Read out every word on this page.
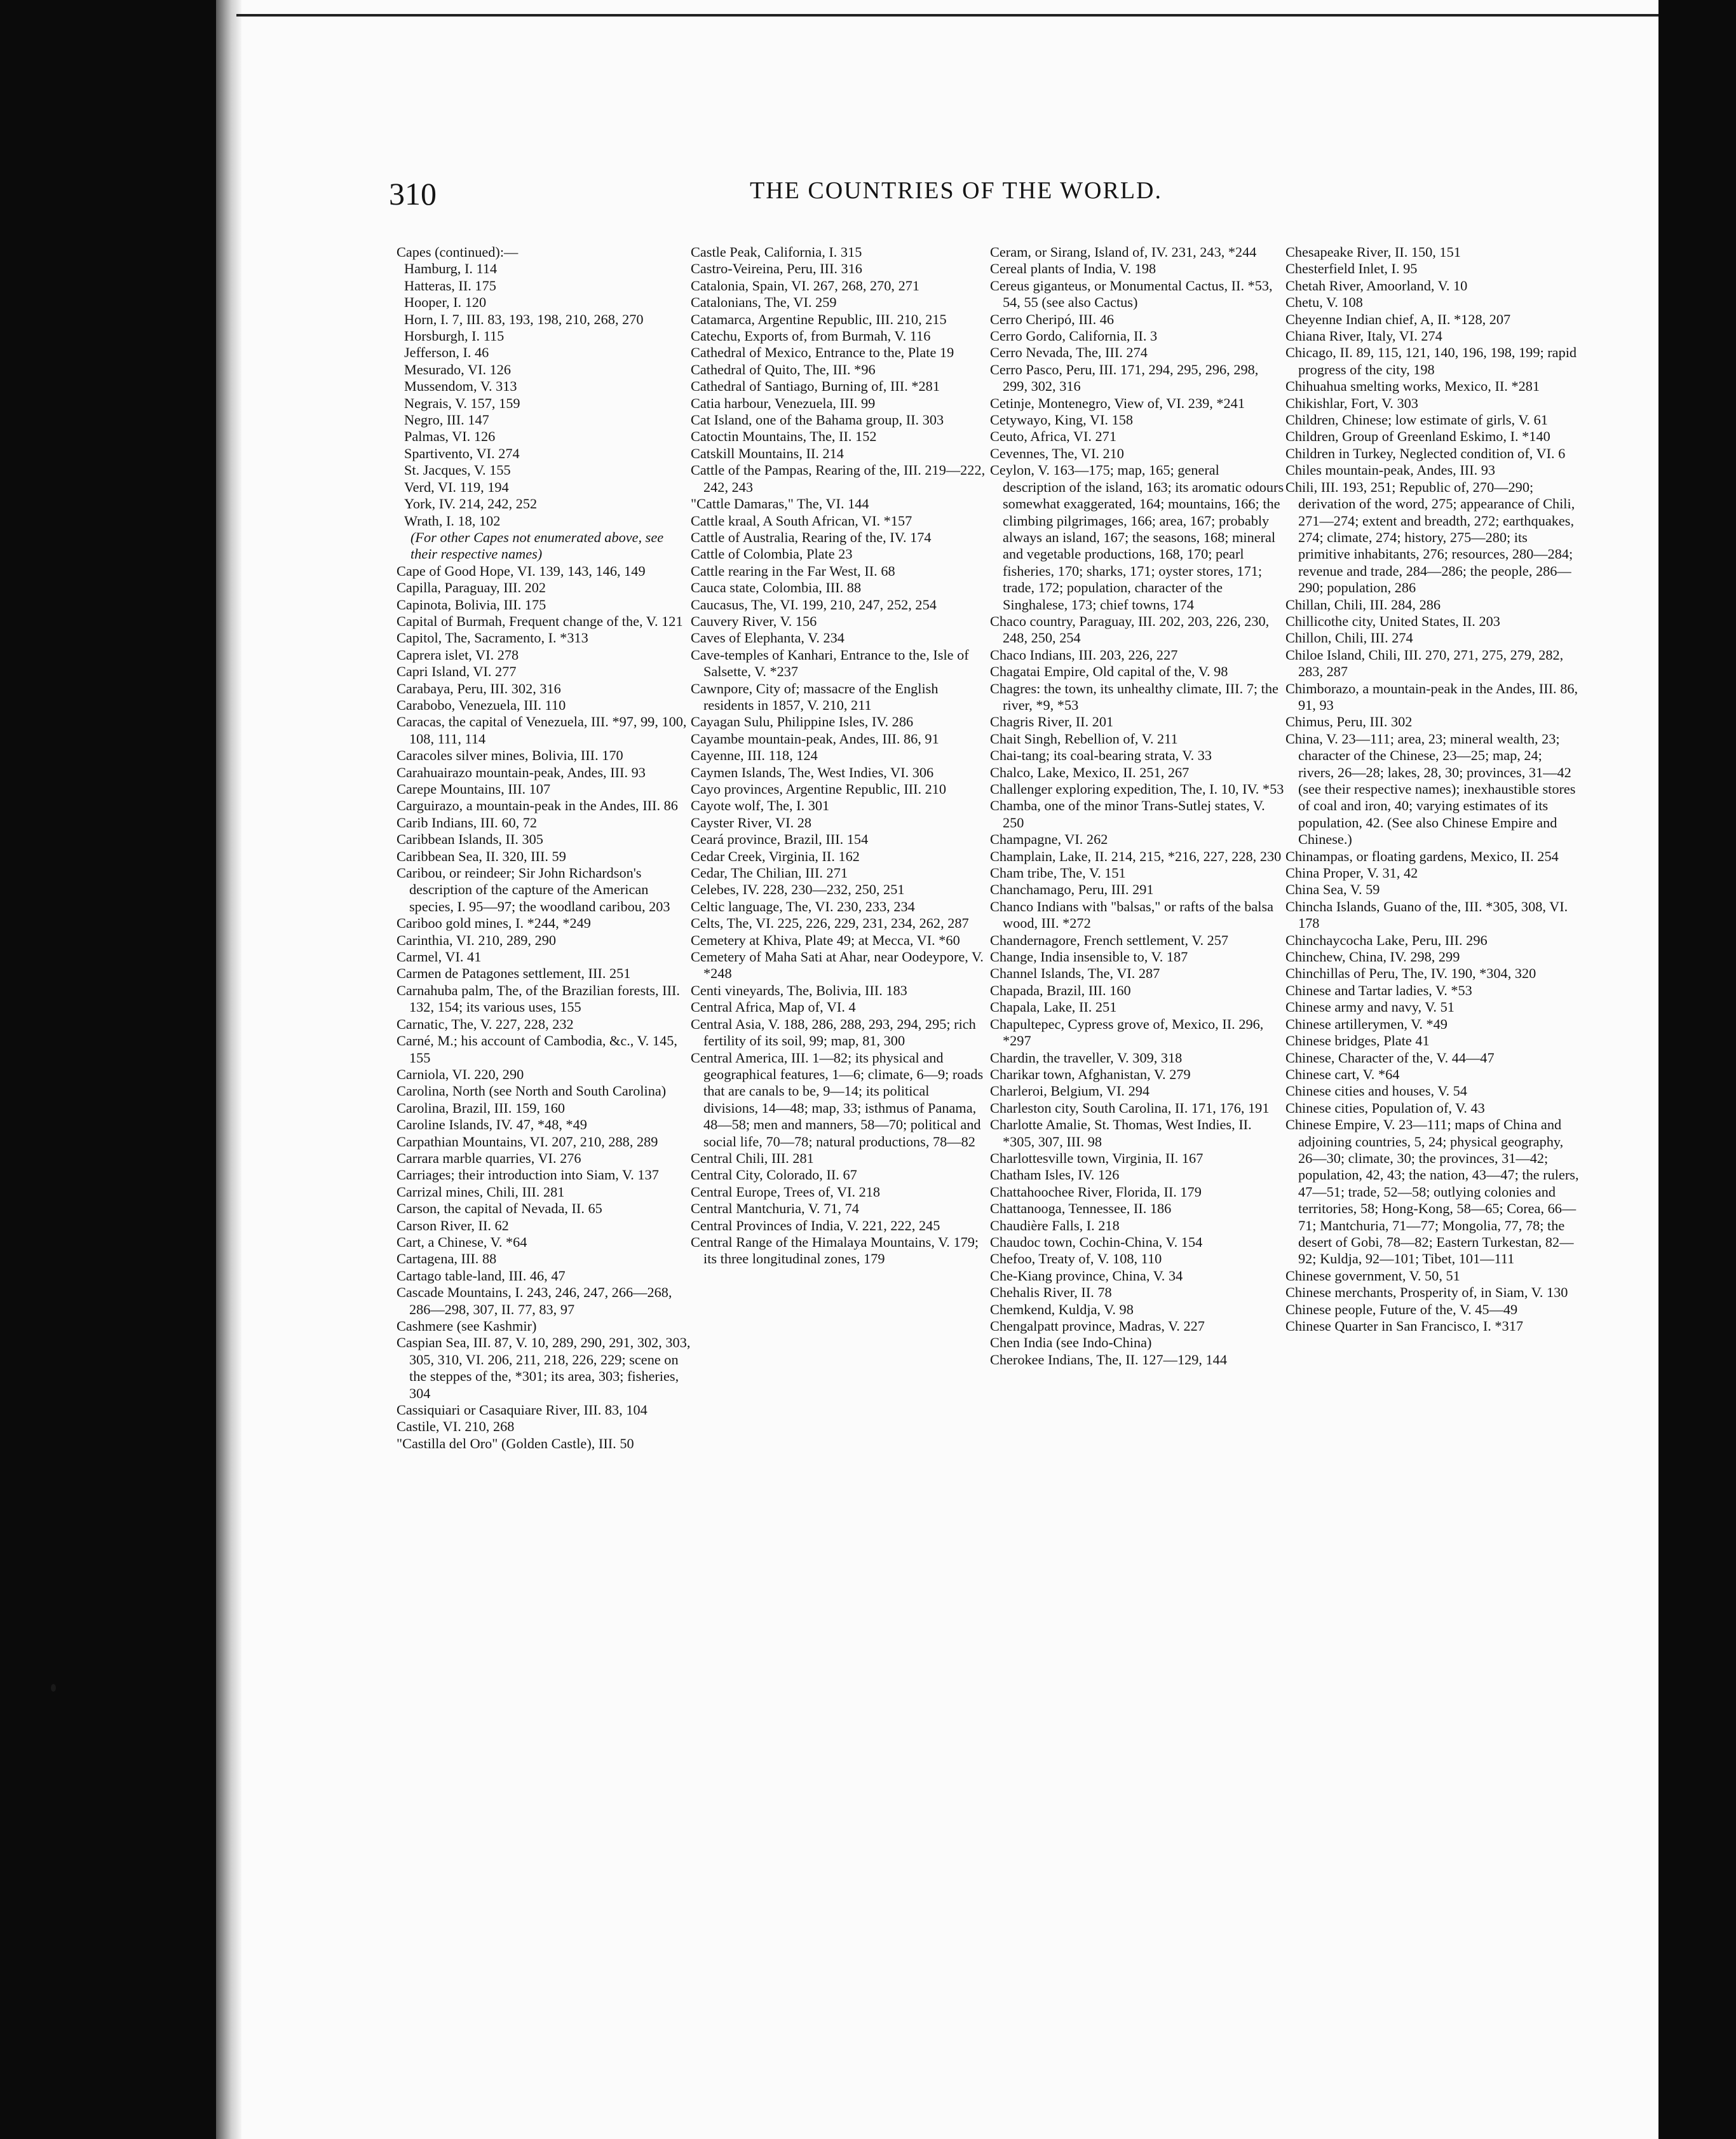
310	THE COUNTRIES OF THE WORLD.

Capes (continued):—

Hamburg, I. 114

Hatteras, II. 175

Hooper, I. 120

Horn, I. 7, III. 83, 193, 198, 210, 268, 270

Horsburgh, I. 115

Jefferson, I. 46

Mesurado, VI. 126

Mussendom, V. 313

Negrais, V. 157, 159

Negro, III. 147

Palmas, VI. 126

Spartivento, VI. 274

St. Jacques, V. 155

Verd, VI. 119, 194

York, IV. 214, 242, 252

Wrath, I. 18, 102

(For other Capes not enumerated above, see their respective names)

Cape of Good Hope, VI. 139, 143, 146, 149

Capilla, Paraguay, III. 202

Capinota, Bolivia, III. 175

Capital of Burmah, Frequent change of the, V. 121

Capitol, The, Sacramento, I. *313

Caprera islet, VI. 278

Capri Island, VI. 277

Carabaya, Peru, III. 302, 316

Carabobo, Venezuela, III. 110

Caracas, the capital of Venezuela, III. *97, 99, 100, 108, 111, 114

Caracoles silver mines, Bolivia, III. 170

Carahuairazo mountain-peak, Andes, III. 93

Carepe Mountains, III. 107

Carguirazo, a mountain-peak in the Andes, III. 86

Carib Indians, III. 60, 72

Caribbean Islands, II. 305

Caribbean Sea, II. 320, III. 59

Caribou, or reindeer; Sir John Richardson's description of the capture of the American species, I. 95—97; the woodland caribou, 203

Cariboo gold mines, I. *244, *249

Carinthia, VI. 210, 289, 290

Carmel, VI. 41

Carmen de Patagones settlement, III. 251

Carnahuba palm, The, of the Brazilian forests, III. 132, 154; its various uses, 155

Carnatic, The, V. 227, 228, 232

Carné, M.; his account of Cambodia, &c., V. 145, 155

Carniola, VI. 220, 290

Carolina, North (see North and South Carolina)

Carolina, Brazil, III. 159, 160

Caroline Islands, IV. 47, *48, *49

Carpathian Mountains, VI. 207, 210, 288, 289

Carrara marble quarries, VI. 276

Carriages; their introduction into Siam, V. 137

Carrizal mines, Chili, III. 281

Carson, the capital of Nevada, II. 65

Carson River, II. 62

Cart, a Chinese, V. *64

Cartagena, III. 88

Cartago table-land, III. 46, 47

Cascade Mountains, I. 243, 246, 247, 266—268, 286—298, 307, II. 77, 83, 97

Cashmere (see Kashmir)

Caspian Sea, III. 87, V. 10, 289, 290, 291, 302, 303, 305, 310, VI. 206, 211, 218, 226, 229; scene on the steppes of the, *301; its area, 303; fisheries, 304

Cassiquiari or Casaquiare River, III. 83, 104

Castile, VI. 210, 268

"Castilla del Oro" (Golden Castle), III. 50

Castle Peak, California, I. 315

Castro-Veireina, Peru, III. 316

Catalonia, Spain, VI. 267, 268, 270, 271

Catalonians, The, VI. 259

Catamarca, Argentine Republic, III. 210, 215

Catechu, Exports of, from Burmah, V. 116

Cathedral of Mexico, Entrance to the, Plate 19

Cathedral of Quito, The, III. *96

Cathedral of Santiago, Burning of, III. *281

Catia harbour, Venezuela, III. 99

Cat Island, one of the Bahama group, II. 303

Catoctin Mountains, The, II. 152

Catskill Mountains, II. 214

Cattle of the Pampas, Rearing of the, III. 219—222, 242, 243

"Cattle Damaras," The, VI. 144

Cattle kraal, A South African, VI. *157

Cattle of Australia, Rearing of the, IV. 174

Cattle of Colombia, Plate 23

Cattle rearing in the Far West, II. 68

Cauca state, Colombia, III. 88

Caucasus, The, VI. 199, 210, 247, 252, 254

Cauvery River, V. 156

Caves of Elephanta, V. 234

Cave-temples of Kanhari, Entrance to the, Isle of Salsette, V. *237

Cawnpore, City of; massacre of the English residents in 1857, V. 210, 211

Cayagan Sulu, Philippine Isles, IV. 286

Cayambe mountain-peak, Andes, III. 86, 91

Cayenne, III. 118, 124

Caymen Islands, The, West Indies, VI. 306

Cayo provinces, Argentine Republic, III. 210

Cayote wolf, The, I. 301

Cayster River, VI. 28

Ceará province, Brazil, III. 154

Cedar Creek, Virginia, II. 162

Cedar, The Chilian, III. 271

Celebes, IV. 228, 230—232, 250, 251

Celtic language, The, VI. 230, 233, 234

Celts, The, VI. 225, 226, 229, 231, 234, 262, 287

Cemetery at Khiva, Plate 49; at Mecca, VI. *60

Cemetery of Maha Sati at Ahar, near Oodeypore, V. *248

Centi vineyards, The, Bolivia, III. 183

Central Africa, Map of, VI. 4

Central Asia, V. 188, 286, 288, 293, 294, 295; rich fertility of its soil, 99; map, 81, 300

Central America, III. 1—82; its physical and geographical features, 1—6; climate, 6—9; roads that are canals to be, 9—14; its political divisions, 14—48; map, 33; isthmus of Panama, 48—58; men and manners, 58—70; political and social life, 70—78; natural productions, 78—82

Central Chili, III. 281

Central City, Colorado, II. 67

Central Europe, Trees of, VI. 218

Central Mantchuria, V. 71, 74

Central Provinces of India, V. 221, 222, 245

Central Range of the Himalaya Mountains, V. 179; its three longitudinal zones, 179

Ceram, or Sirang, Island of, IV. 231, 243, *244

Cereal plants of India, V. 198

Cereus giganteus, or Monumental Cactus, II. *53, 54, 55 (see also Cactus)

Cerro Cheripó, III. 46

Cerro Gordo, California, II. 3

Cerro Nevada, The, III. 274

Cerro Pasco, Peru, III. 171, 294, 295, 296, 298, 299, 302, 316

Cetinje, Montenegro, View of, VI. 239, *241

Cetywayo, King, VI. 158

Ceuto, Africa, VI. 271

Cevennes, The, VI. 210

Ceylon, V. 163—175; map, 165; general description of the island, 163; its aromatic odours somewhat exaggerated, 164; mountains, 166; the climbing pilgrimages, 166; area, 167; probably always an island, 167; the seasons, 168; mineral and vegetable productions, 168, 170; pearl fisheries, 170; sharks, 171; oyster stores, 171; trade, 172; population, character of the Singhalese, 173; chief towns, 174

Chaco country, Paraguay, III. 202, 203, 226, 230, 248, 250, 254

Chaco Indians, III. 203, 226, 227

Chagatai Empire, Old capital of the, V. 98

Chagres: the town, its unhealthy climate, III. 7; the river, *9, *53

Chagris River, II. 201

Chait Singh, Rebellion of, V. 211

Chai-tang; its coal-bearing strata, V. 33

Chalco, Lake, Mexico, II. 251, 267

Challenger exploring expedition, The, I. 10, IV. *53

Chamba, one of the minor Trans-Sutlej states, V. 250

Champagne, VI. 262

Champlain, Lake, II. 214, 215, *216, 227, 228, 230

Cham tribe, The, V. 151

Chanchamago, Peru, III. 291

Chanco Indians with "balsas," or rafts of the balsa wood, III. *272

Chandernagore, French settlement, V. 257

Change, India insensible to, V. 187

Channel Islands, The, VI. 287

Chapada, Brazil, III. 160

Chapala, Lake, II. 251

Chapultepec, Cypress grove of, Mexico, II. 296, *297

Chardin, the traveller, V. 309, 318

Charikar town, Afghanistan, V. 279

Charleroi, Belgium, VI. 294

Charleston city, South Carolina, II. 171, 176, 191

Charlotte Amalie, St. Thomas, West Indies, II. *305, 307, III. 98

Charlottesville town, Virginia, II. 167

Chatham Isles, IV. 126

Chattahoochee River, Florida, II. 179

Chattanooga, Tennessee, II. 186

Chaudière Falls, I. 218

Chaudoc town, Cochin-China, V. 154

Chefoo, Treaty of, V. 108, 110

Che-Kiang province, China, V. 34

Chehalis River, II. 78

Chemkend, Kuldja, V. 98

Chengalpatt province, Madras, V. 227

Chen India (see Indo-China)

Cherokee Indians, The, II. 127—129, 144

Chesapeake River, II. 150, 151

Chesterfield Inlet, I. 95

Chetah River, Amoorland, V. 10

Chetu, V. 108

Cheyenne Indian chief, A, II. *128, 207

Chiana River, Italy, VI. 274

Chicago, II. 89, 115, 121, 140, 196, 198, 199; rapid progress of the city, 198

Chihuahua smelting works, Mexico, II. *281

Chikishlar, Fort, V. 303

Children, Chinese; low estimate of girls, V. 61

Children, Group of Greenland Eskimo, I. *140

Children in Turkey, Neglected condition of, VI. 6

Chiles mountain-peak, Andes, III. 93

Chili, III. 193, 251; Republic of, 270—290; derivation of the word, 275; appearance of Chili, 271—274; extent and breadth, 272; earthquakes, 274; climate, 274; history, 275—280; its primitive inhabitants, 276; resources, 280—284; revenue and trade, 284—286; the people, 286—290; population, 286

Chillan, Chili, III. 284, 286

Chillicothe city, United States, II. 203

Chillon, Chili, III. 274

Chiloe Island, Chili, III. 270, 271, 275, 279, 282, 283, 287

Chimborazo, a mountain-peak in the Andes, III. 86, 91, 93

Chimus, Peru, III. 302

China, V. 23—111; area, 23; mineral wealth, 23; character of the Chinese, 23—25; map, 24; rivers, 26—28; lakes, 28, 30; provinces, 31—42 (see their respective names); inexhaustible stores of coal and iron, 40; varying estimates of its population, 42. (See also Chinese Empire and Chinese.)

Chinampas, or floating gardens, Mexico, II. 254

China Proper, V. 31, 42

China Sea, V. 59

Chincha Islands, Guano of the, III. *305, 308, VI. 178

Chinchaycocha Lake, Peru, III. 296

Chinchew, China, IV. 298, 299

Chinchillas of Peru, The, IV. 190, *304, 320

Chinese and Tartar ladies, V. *53

Chinese army and navy, V. 51

Chinese artillerymen, V. *49

Chinese bridges, Plate 41

Chinese, Character of the, V. 44—47

Chinese cart, V. *64

Chinese cities and houses, V. 54

Chinese cities, Population of, V. 43

Chinese Empire, V. 23—111; maps of China and adjoining countries, 5, 24; physical geography, 26—30; climate, 30; the provinces, 31—42; population, 42, 43; the nation, 43—47; the rulers, 47—51; trade, 52—58; outlying colonies and territories, 58; Hong-Kong, 58—65; Corea, 66—71; Mantchuria, 71—77; Mongolia, 77, 78; the desert of Gobi, 78—82; Eastern Turkestan, 82—92; Kuldja, 92—101; Tibet, 101—111

Chinese government, V. 50, 51

Chinese merchants, Prosperity of, in Siam, V. 130

Chinese people, Future of the, V. 45—49

Chinese Quarter in San Francisco, I. *317
